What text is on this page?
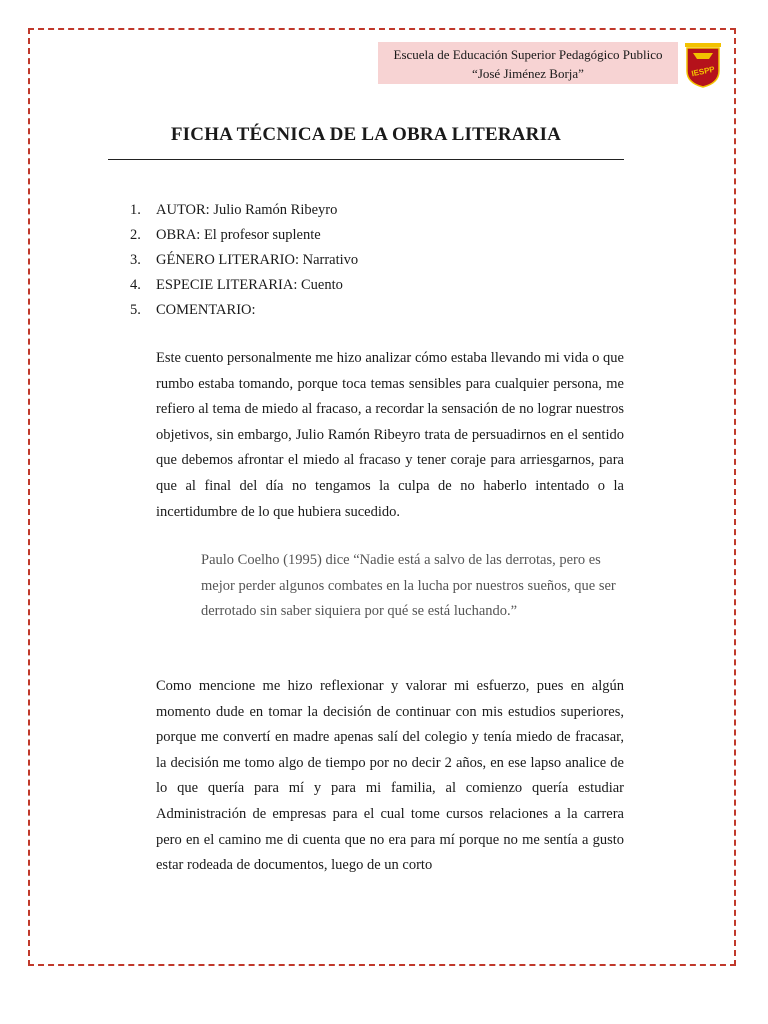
Escuela de Educación Superior Pedagógico Publico
“José Jiménez Borja”	IESPP
FICHA TÉCNICA DE LA OBRA LITERARIA
1. AUTOR: Julio Ramón Ribeyro
2. OBRA: El profesor suplente
3. GÉNERO LITERARIO: Narrativo
4. ESPECIE LITERARIA: Cuento
5. COMENTARIO:

Este cuento personalmente me hizo analizar cómo estaba llevando mi vida o que rumbo estaba tomando, porque toca temas sensibles para cualquier persona, me refiero al tema de miedo al fracaso, a recordar la sensación de no lograr nuestros objetivos, sin embargo, Julio Ramón Ribeyro trata de persuadirnos en el sentido que debemos afrontar el miedo al fracaso y tener coraje para arriesgarnos, para que al final del día no tengamos la culpa de no haberlo intentado o la incertidumbre de lo que hubiera sucedido.

Paulo Coelho (1995) dice “Nadie está a salvo de las derrotas, pero es mejor perder algunos combates en la lucha por nuestros sueños, que ser derrotado sin saber siquiera por qué se está luchando.”

Como mencione me hizo reflexionar y valorar mi esfuerzo, pues en algún momento dude en tomar la decisión de continuar con mis estudios superiores, porque me convertí en madre apenas salí del colegio y tenía miedo de fracasar, la decisión me tomo algo de tiempo por no decir 2 años, en ese lapso analice de lo que quería para mí y para mi familia, al comienzo quería estudiar Administración de empresas para el cual tome cursos relaciones a la carrera pero en el camino me di cuenta que no era para mí porque no me sentía a gusto estar rodeada de documentos, luego de un corto
